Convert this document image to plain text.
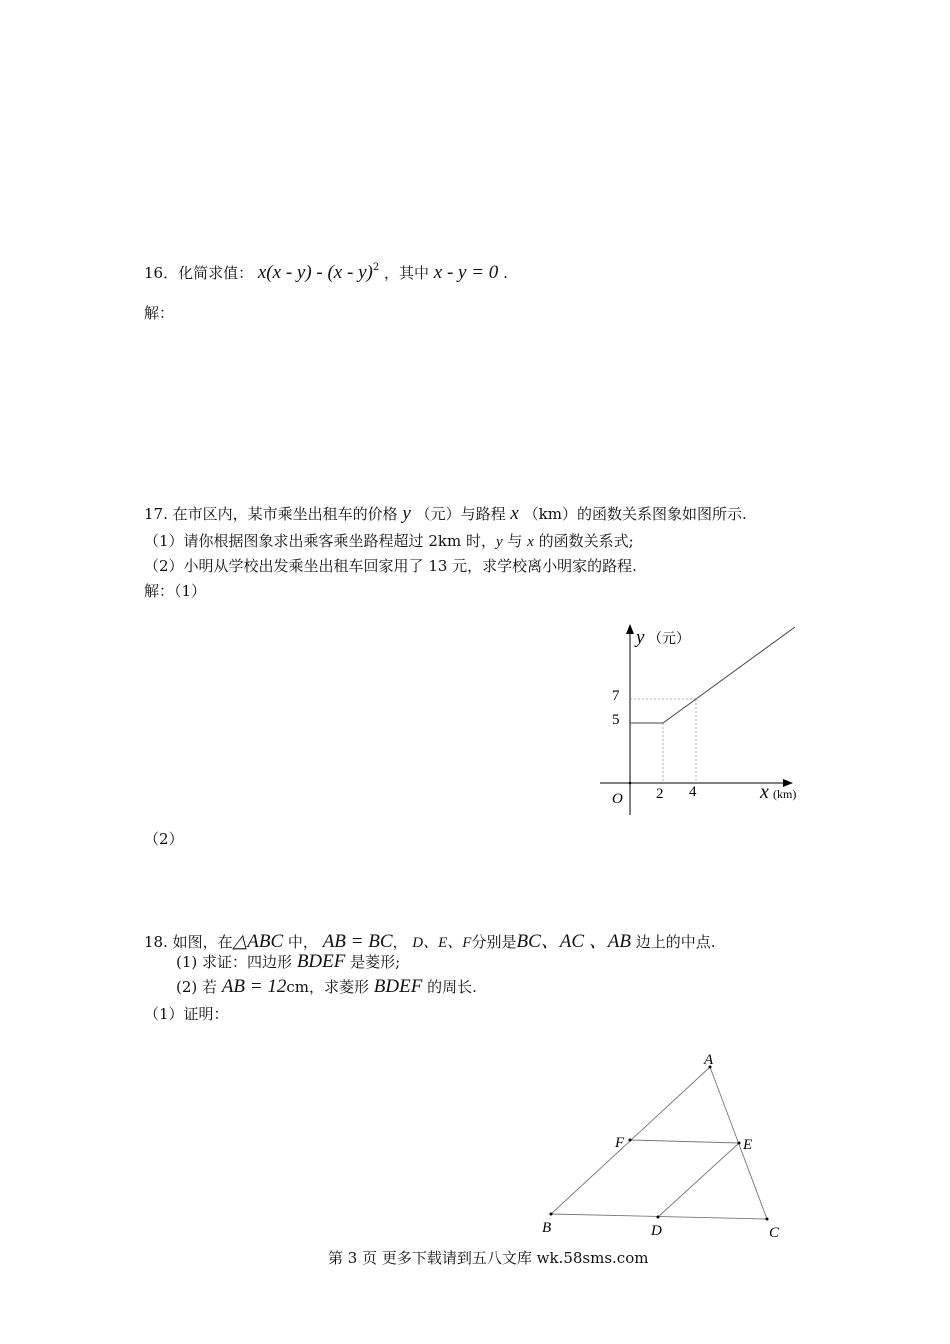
16．化简求值： x(x - y) - (x - y)$^2$ ，其中 x - y = 0 .
解：
17. 在市区内，某市乘坐出租车的价格 y （元）与路程 x （km）的函数关系图象如图所示.
（1）请你根据图象求出乘客乘坐路程超过 2km 时，y 与 x 的函数关系式;
（2）小明从学校出发乘坐出租车回家用了 13 元，求学校离小明家的路程.
解：（1）
（2）
y （元）
7
5
2 4
O	x (km)
18. 如图，在△ABC 中， AB = BC， D、E、F分别是BC、AC 、AB 边上的中点.
(1) 求证：四边形 BDEF 是菱形;
(2) 若 AB = 12cm，求菱形 BDEF 的周长.
（1）证明：
A
B	C
D
E
F
第 3 页 更多下载请到五八文库 wk.58sms.com
